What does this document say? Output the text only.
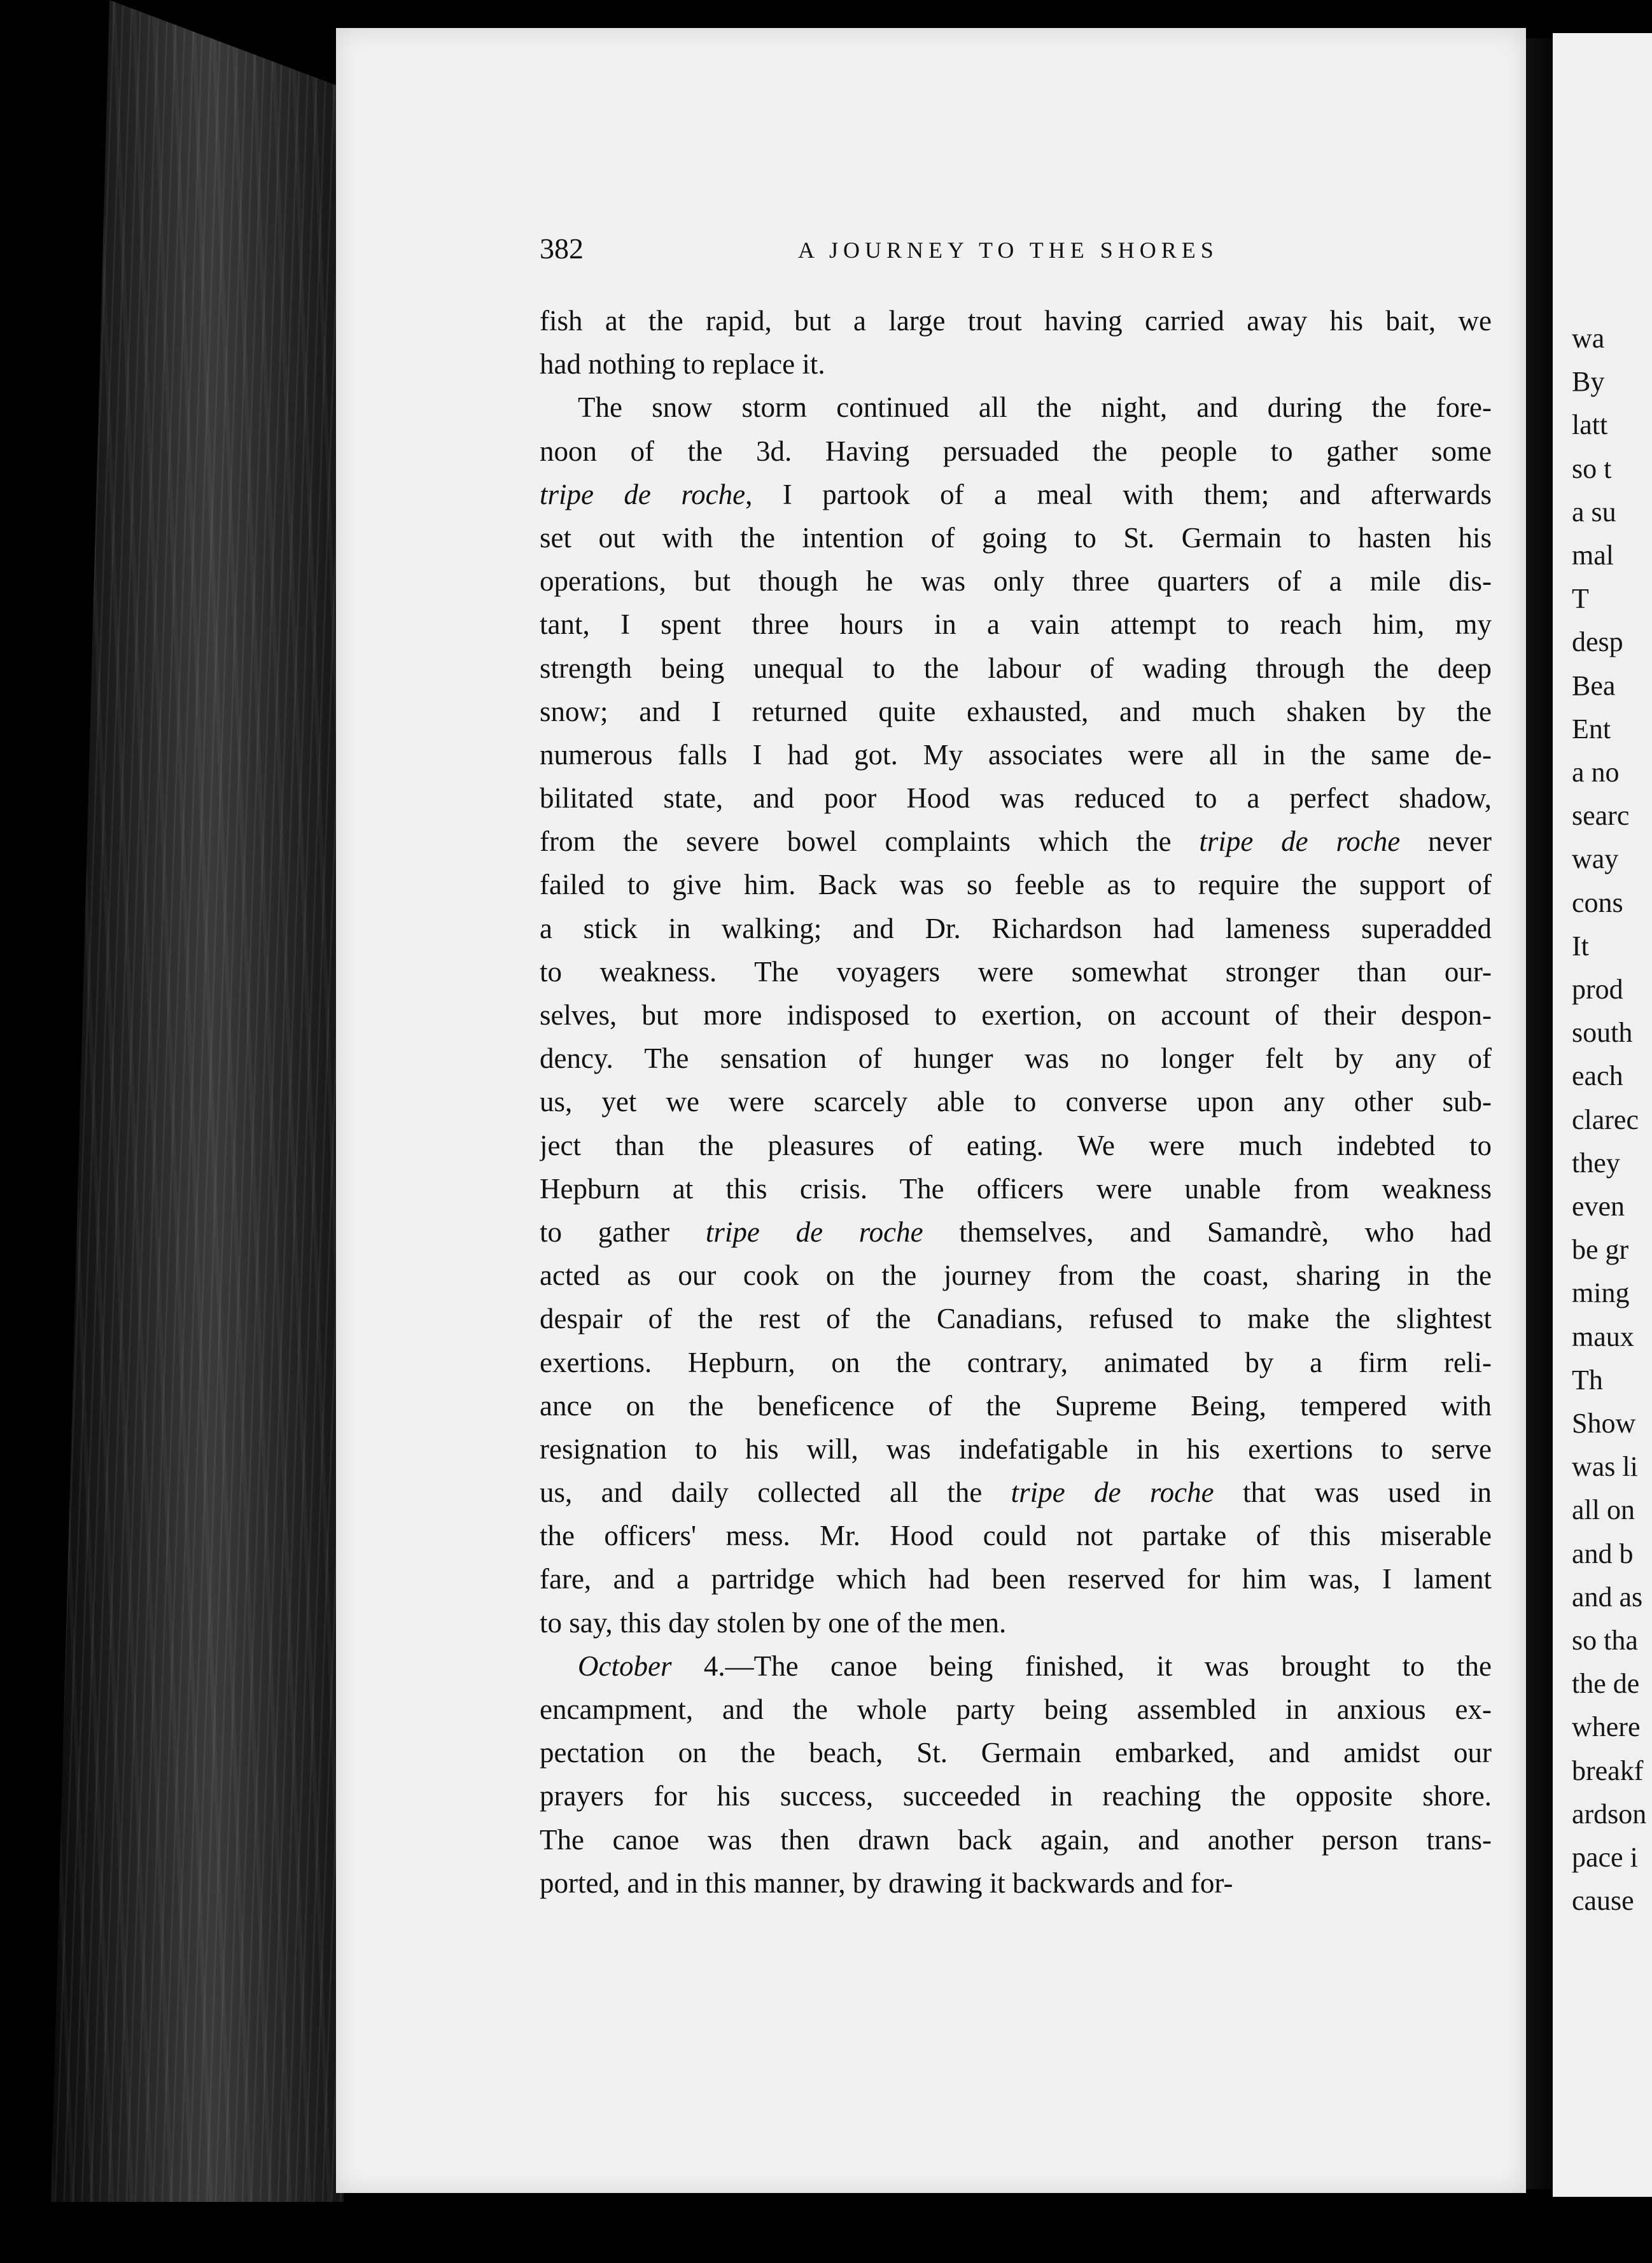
382	A JOURNEY TO THE SHORES
fish at the rapid, but a large trout having carried away his bait, we
had nothing to replace it.
The snow storm continued all the night, and during the fore-
noon of the 3d. Having persuaded the people to gather some
tripe de roche, I partook of a meal with them; and afterwards
set out with the intention of going to St. Germain to hasten his
operations, but though he was only three quarters of a mile dis-
tant, I spent three hours in a vain attempt to reach him, my
strength being unequal to the labour of wading through the deep
snow; and I returned quite exhausted, and much shaken by the
numerous falls I had got. My associates were all in the same de-
bilitated state, and poor Hood was reduced to a perfect shadow,
from the severe bowel complaints which the tripe de roche never
failed to give him. Back was so feeble as to require the support of
a stick in walking; and Dr. Richardson had lameness superadded
to weakness. The voyagers were somewhat stronger than our-
selves, but more indisposed to exertion, on account of their despon-
dency. The sensation of hunger was no longer felt by any of
us, yet we were scarcely able to converse upon any other sub-
ject than the pleasures of eating. We were much indebted to
Hepburn at this crisis. The officers were unable from weakness
to gather tripe de roche themselves, and Samandrè, who had
acted as our cook on the journey from the coast, sharing in the
despair of the rest of the Canadians, refused to make the slightest
exertions. Hepburn, on the contrary, animated by a firm reli-
ance on the beneficence of the Supreme Being, tempered with
resignation to his will, was indefatigable in his exertions to serve
us, and daily collected all the tripe de roche that was used in
the officers' mess. Mr. Hood could not partake of this miserable
fare, and a partridge which had been reserved for him was, I lament
to say, this day stolen by one of the men.
October 4.—The canoe being finished, it was brought to the
encampment, and the whole party being assembled in anxious ex-
pectation on the beach, St. Germain embarked, and amidst our
prayers for his success, succeeded in reaching the opposite shore.
The canoe was then drawn back again, and another person trans-
ported, and in this manner, by drawing it backwards and for-
wa
By
latt
so t
a su
mal
T
desp
Bea
Ent
a no
searc
way
cons
It
prod
south
each
clarec
they
even
be gr
ming
maux
Th
Show
was li
all on
and b
and as
so tha
the de
where
breakf
ardson
pace i
cause
